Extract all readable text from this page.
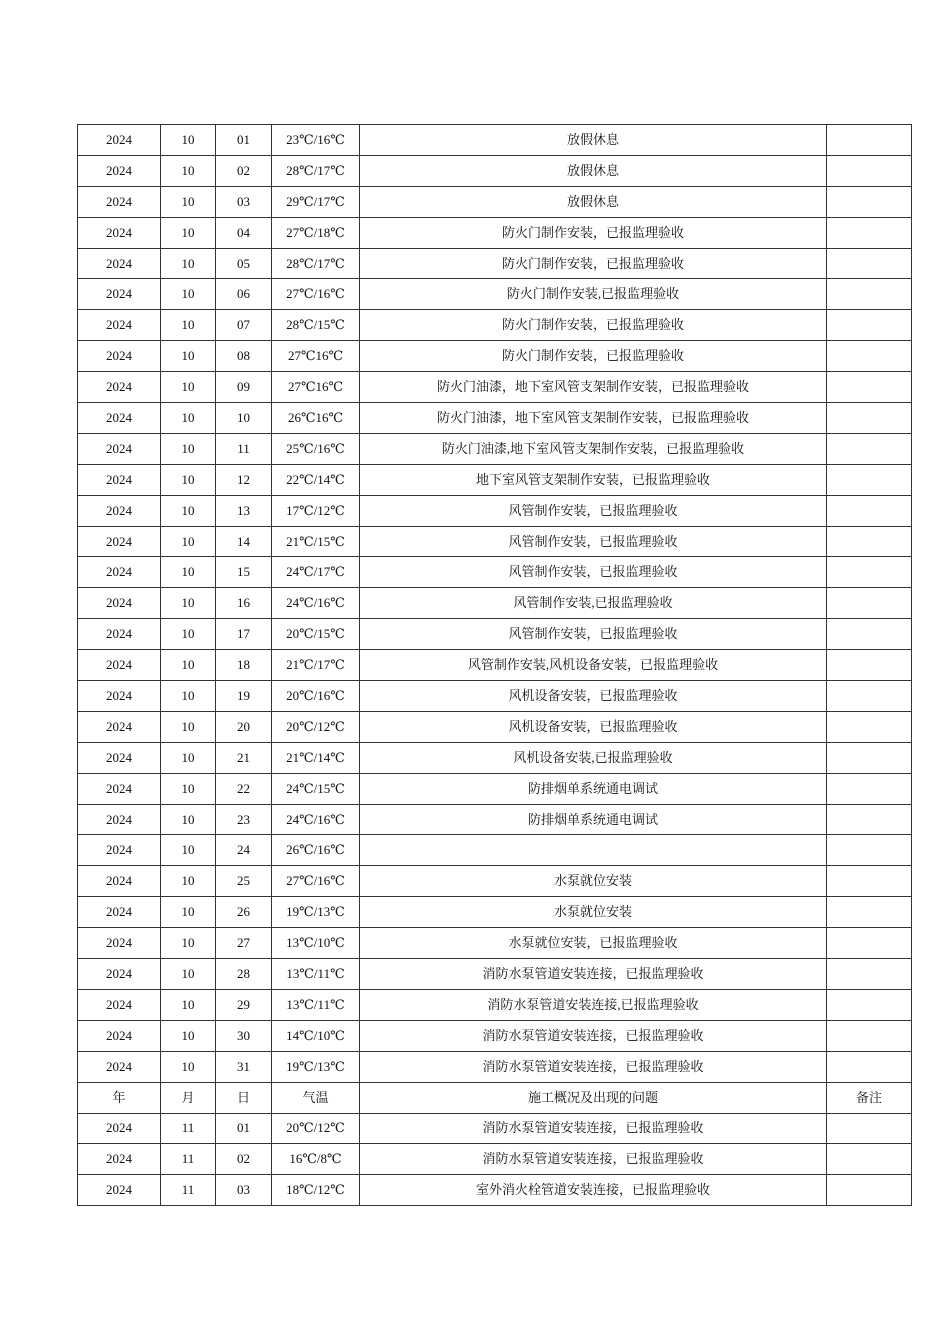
2024	10	01	23℃/16℃	放假休息	
2024	10	02	28℃/17℃	放假休息	
2024	10	03	29℃/17℃	放假休息	
2024	10	04	27℃/18℃	防火门制作安装，已报监理验收	
2024	10	05	28℃/17℃	防火门制作安装，已报监理验收	
2024	10	06	27℃/16℃	防火门制作安装,已报监理验收	
2024	10	07	28℃/15℃	防火门制作安装，已报监理验收	
2024	10	08	27℃16℃	防火门制作安装，已报监理验收	
2024	10	09	27℃16℃	防火门油漆，地下室风管支架制作安装，已报监理验收	
2024	10	10	26℃16℃	防火门油漆，地下室风管支架制作安装，已报监理验收	
2024	10	11	25℃/16℃	防火门油漆,地下室风管支架制作安装，已报监理验收	
2024	10	12	22℃/14℃	地下室风管支架制作安装，已报监理验收	
2024	10	13	17℃/12℃	风管制作安装，已报监理验收	
2024	10	14	21℃/15℃	风管制作安装，已报监理验收	
2024	10	15	24℃/17℃	风管制作安装，已报监理验收	
2024	10	16	24℃/16℃	风管制作安装,已报监理验收	
2024	10	17	20℃/15℃	风管制作安装，已报监理验收	
2024	10	18	21℃/17℃	风管制作安装,风机设备安装，已报监理验收	
2024	10	19	20℃/16℃	风机设备安装，已报监理验收	
2024	10	20	20℃/12℃	风机设备安装，已报监理验收	
2024	10	21	21℃/14℃	风机设备安装,已报监理验收	
2024	10	22	24℃/15℃	防排烟单系统通电调试	
2024	10	23	24℃/16℃	防排烟单系统通电调试	
2024	10	24	26℃/16℃		
2024	10	25	27℃/16℃	水泵就位安装	
2024	10	26	19℃/13℃	水泵就位安装	
2024	10	27	13℃/10℃	水泵就位安装，已报监理验收	
2024	10	28	13℃/11℃	消防水泵管道安装连接，已报监理验收	
2024	10	29	13℃/11℃	消防水泵管道安装连接,已报监理验收	
2024	10	30	14℃/10℃	消防水泵管道安装连接，已报监理验收	
2024	10	31	19℃/13℃	消防水泵管道安装连接，已报监理验收	
年	月	日	气温	施工概况及出现的问题	备注
2024	11	01	20℃/12℃	消防水泵管道安装连接，已报监理验收	
2024	11	02	16℃/8℃	消防水泵管道安装连接，已报监理验收	
2024	11	03	18℃/12℃	室外消火栓管道安装连接，已报监理验收	
